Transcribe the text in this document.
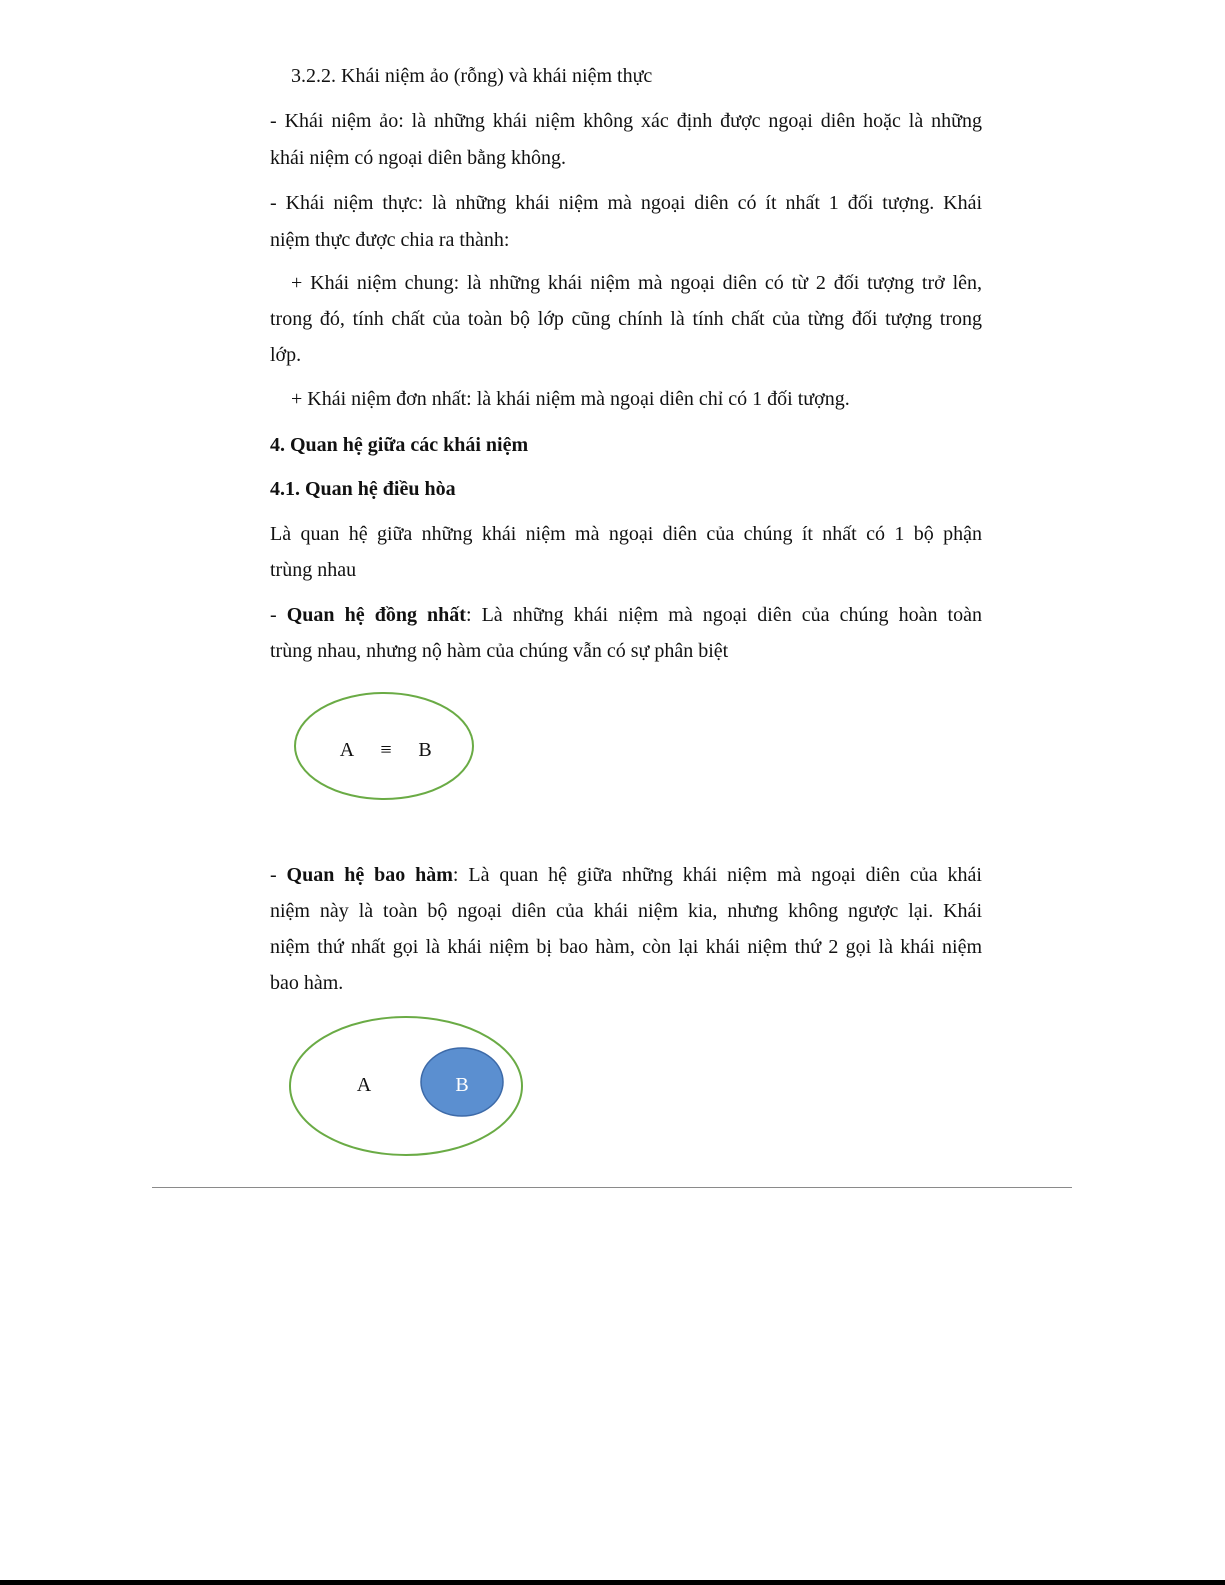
3.2.2. Khái niệm ảo (rỗng) và khái niệm thực
- Khái niệm ảo: là những khái niệm không xác định được ngoại diên hoặc là những
khái niệm có ngoại diên bằng không.
- Khái niệm thực: là những khái niệm mà ngoại diên có ít nhất 1 đối tượng. Khái
niệm thực được chia ra thành:
+ Khái niệm chung: là những khái niệm mà ngoại diên có từ 2 đối tượng trở lên,
trong đó, tính chất của toàn bộ lớp cũng chính là tính chất của từng đối tượng trong
lớp.
+ Khái niệm đơn nhất: là khái niệm mà ngoại diên chỉ có 1 đối tượng.
4. Quan hệ giữa các khái niệm
4.1. Quan hệ điều hòa
Là quan hệ giữa những khái niệm mà ngoại diên của chúng ít nhất có 1 bộ phận
trùng nhau
- Quan hệ đồng nhất: Là những khái niệm mà ngoại diên của chúng hoàn toàn
trùng nhau, nhưng nộ hàm của chúng vẫn có sự phân biệt
A ≡ B
- Quan hệ bao hàm: Là quan hệ giữa những khái niệm mà ngoại diên của khái
niệm này là toàn bộ ngoại diên của khái niệm kia, nhưng không ngược lại. Khái
niệm thứ nhất gọi là khái niệm bị bao hàm, còn lại khái niệm thứ 2 gọi là khái niệm
bao hàm.
A	B
